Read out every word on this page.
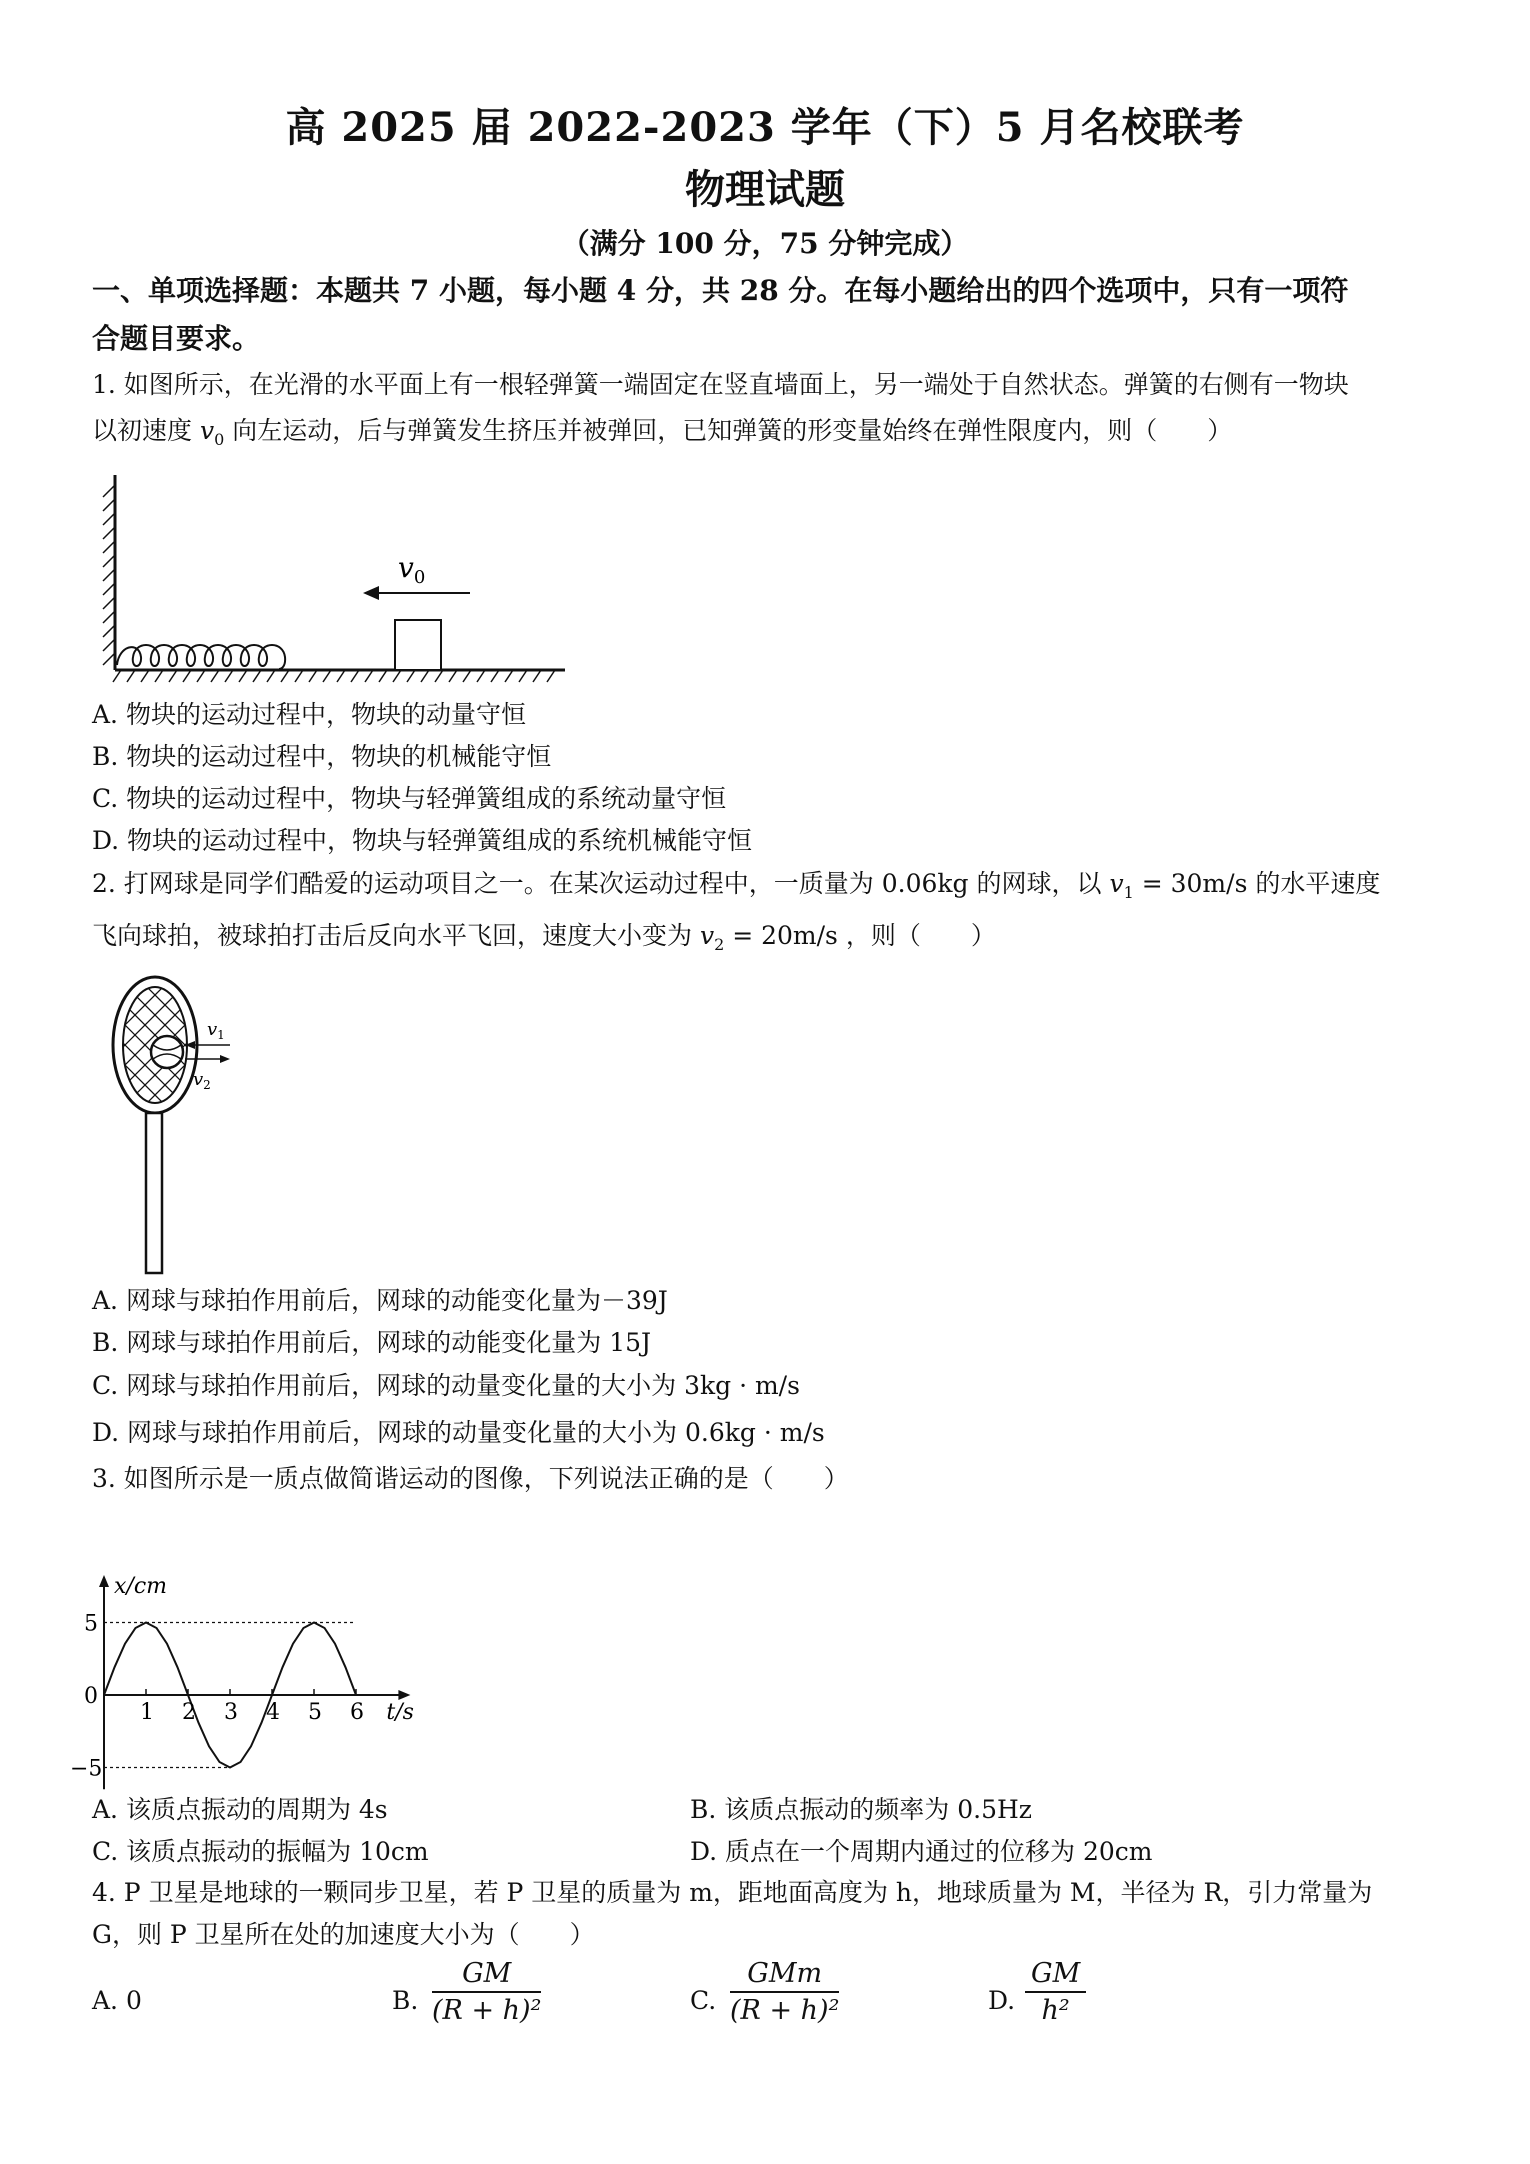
高 2025 届 2022-2023 学年（下）5 月名校联考
物理试题
（满分 100 分，75 分钟完成）
一、单项选择题：本题共 7 小题，每小题 4 分，共 28 分。在每小题给出的四个选项中，只有一项符
合题目要求。
1. 如图所示，在光滑的水平面上有一根轻弹簧一端固定在竖直墙面上，另一端处于自然状态。弹簧的右侧有一物块
以初速度 $v_0$ 向左运动，后与弹簧发生挤压并被弹回，已知弹簧的形变量始终在弹性限度内，则（　　）
$v_0$
A. 物块的运动过程中，物块的动量守恒
B. 物块的运动过程中，物块的机械能守恒
C. 物块的运动过程中，物块与轻弹簧组成的系统动量守恒
D. 物块的运动过程中，物块与轻弹簧组成的系统机械能守恒
2. 打网球是同学们酷爱的运动项目之一。在某次运动过程中，一质量为 0.06kg 的网球，以 $v_1 = 30m/s$ 的水平速度
飞向球拍，被球拍打击后反向水平飞回，速度大小变为 $v_2 = 20m/s$ ，则（　　）
$v_1$
$v_2$
A. 网球与球拍作用前后，网球的动能变化量为－39J
B. 网球与球拍作用前后，网球的动能变化量为 15J
C. 网球与球拍作用前后，网球的动量变化量的大小为 3kg · m/s
D. 网球与球拍作用前后，网球的动量变化量的大小为 0.6kg · m/s
3. 如图所示是一质点做简谐运动的图像，下列说法正确的是（　　）
1 2 3 4 5 6
5
0
−5
x/cm
t/s
A. 该质点振动的周期为 4s	B. 该质点振动的频率为 0.5Hz
C. 该质点振动的振幅为 10cm	D. 质点在一个周期内通过的位移为 20cm
4. P 卫星是地球的一颗同步卫星，若 P 卫星的质量为 m，距地面高度为 h，地球质量为 M，半径为 R，引力常量为
G，则 P 卫星所在处的加速度大小为（　　）
A. 0	B. $\frac{GM}{\text{(R + h)²}}$	C.
GMm
(R + h)²	D. $\frac{GM}{\text{h²}}$
